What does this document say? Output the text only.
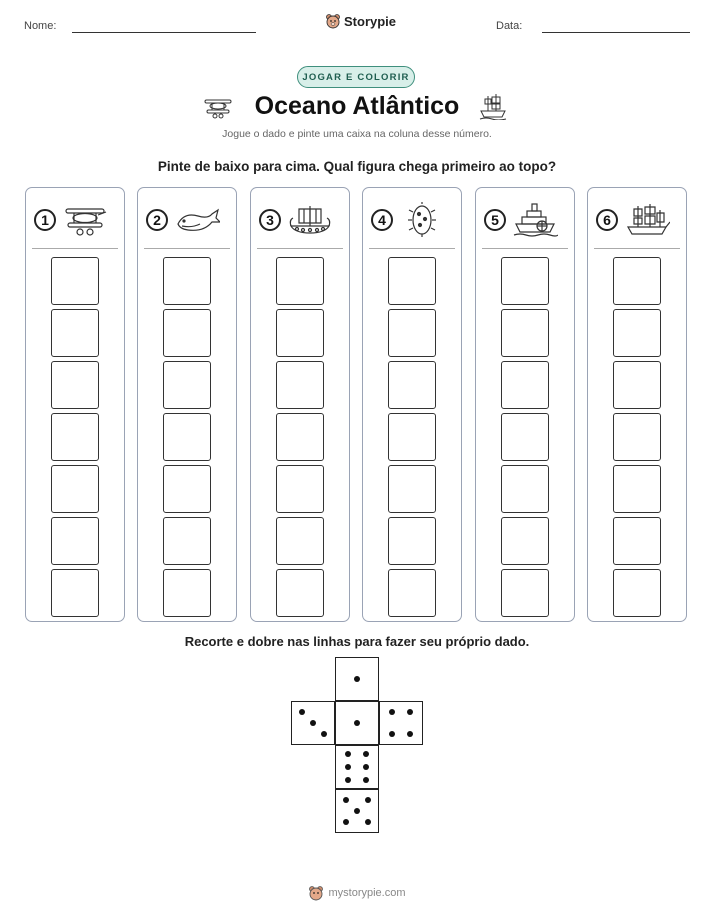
Nome:	Storypie	Data:
JOGAR E COLORIR
Oceano Atlântico
Jogue o dado e pinte uma caixa na coluna desse número.
Pinte de baixo para cima. Qual figura chega primeiro ao topo?
1	2	3	4	5	6
Recorte e dobre nas linhas para fazer seu próprio dado.
mystorypie.com
